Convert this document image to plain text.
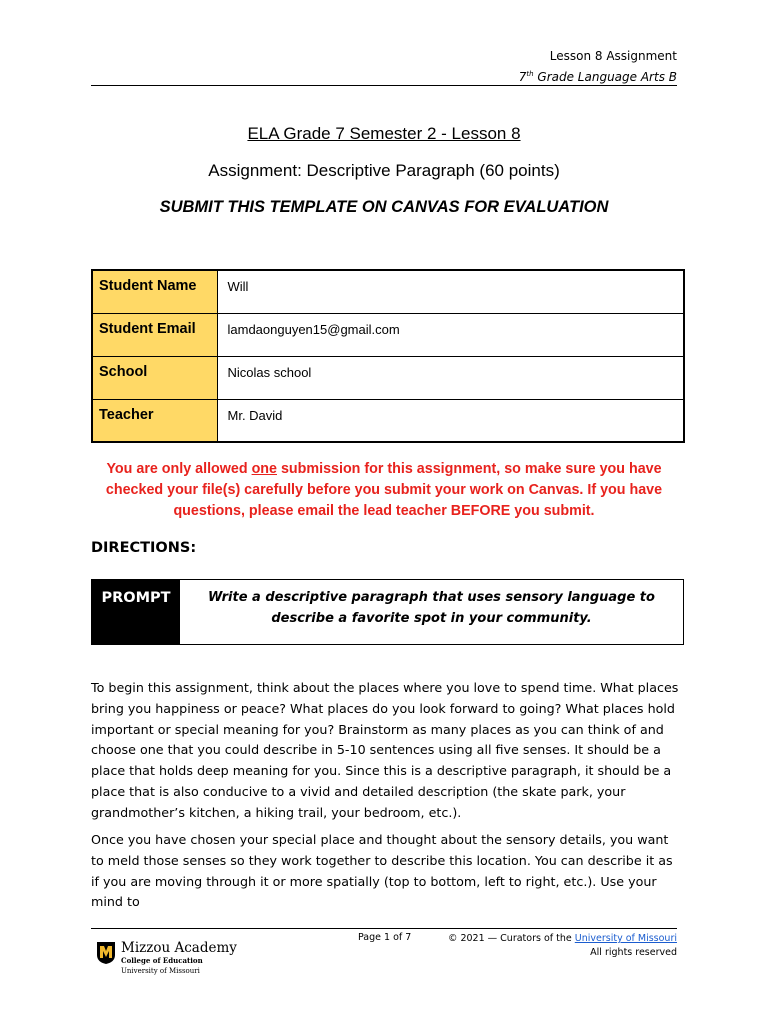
Lesson 8 Assignment
7th Grade Language Arts B
ELA Grade 7 Semester 2 - Lesson 8
Assignment: Descriptive Paragraph (60 points)
SUBMIT THIS TEMPLATE ON CANVAS FOR EVALUATION
Student Name	Will
Student Email	lamdaonguyen15@gmail.com
School	Nicolas school
Teacher	Mr. David
You are only allowed one submission for this assignment, so make sure you have checked your file(s) carefully before you submit your work on Canvas. If you have questions, please email the lead teacher BEFORE you submit.
DIRECTIONS:
PROMPT	Write a descriptive paragraph that uses sensory language to describe a favorite spot in your community.
To begin this assignment, think about the places where you love to spend time. What places bring you happiness or peace? What places do you look forward to going? What places hold important or special meaning for you? Brainstorm as many places as you can think of and choose one that you could describe in 5-10 sentences using all five senses. It should be a place that holds deep meaning for you. Since this is a descriptive paragraph, it should be a place that is also conducive to a vivid and detailed description (the skate park, your grandmother’s kitchen, a hiking trail, your bedroom, etc.).
Once you have chosen your special place and thought about the sensory details, you want to meld those senses so they work together to describe this location. You can describe it as if you are moving through it or more spatially (top to bottom, left to right, etc.). Use your mind to
Mizzou Academy
College of Education
University of Missouri
Page 1 of 7	© 2021 — Curators of the University of Missouri
All rights reserved
